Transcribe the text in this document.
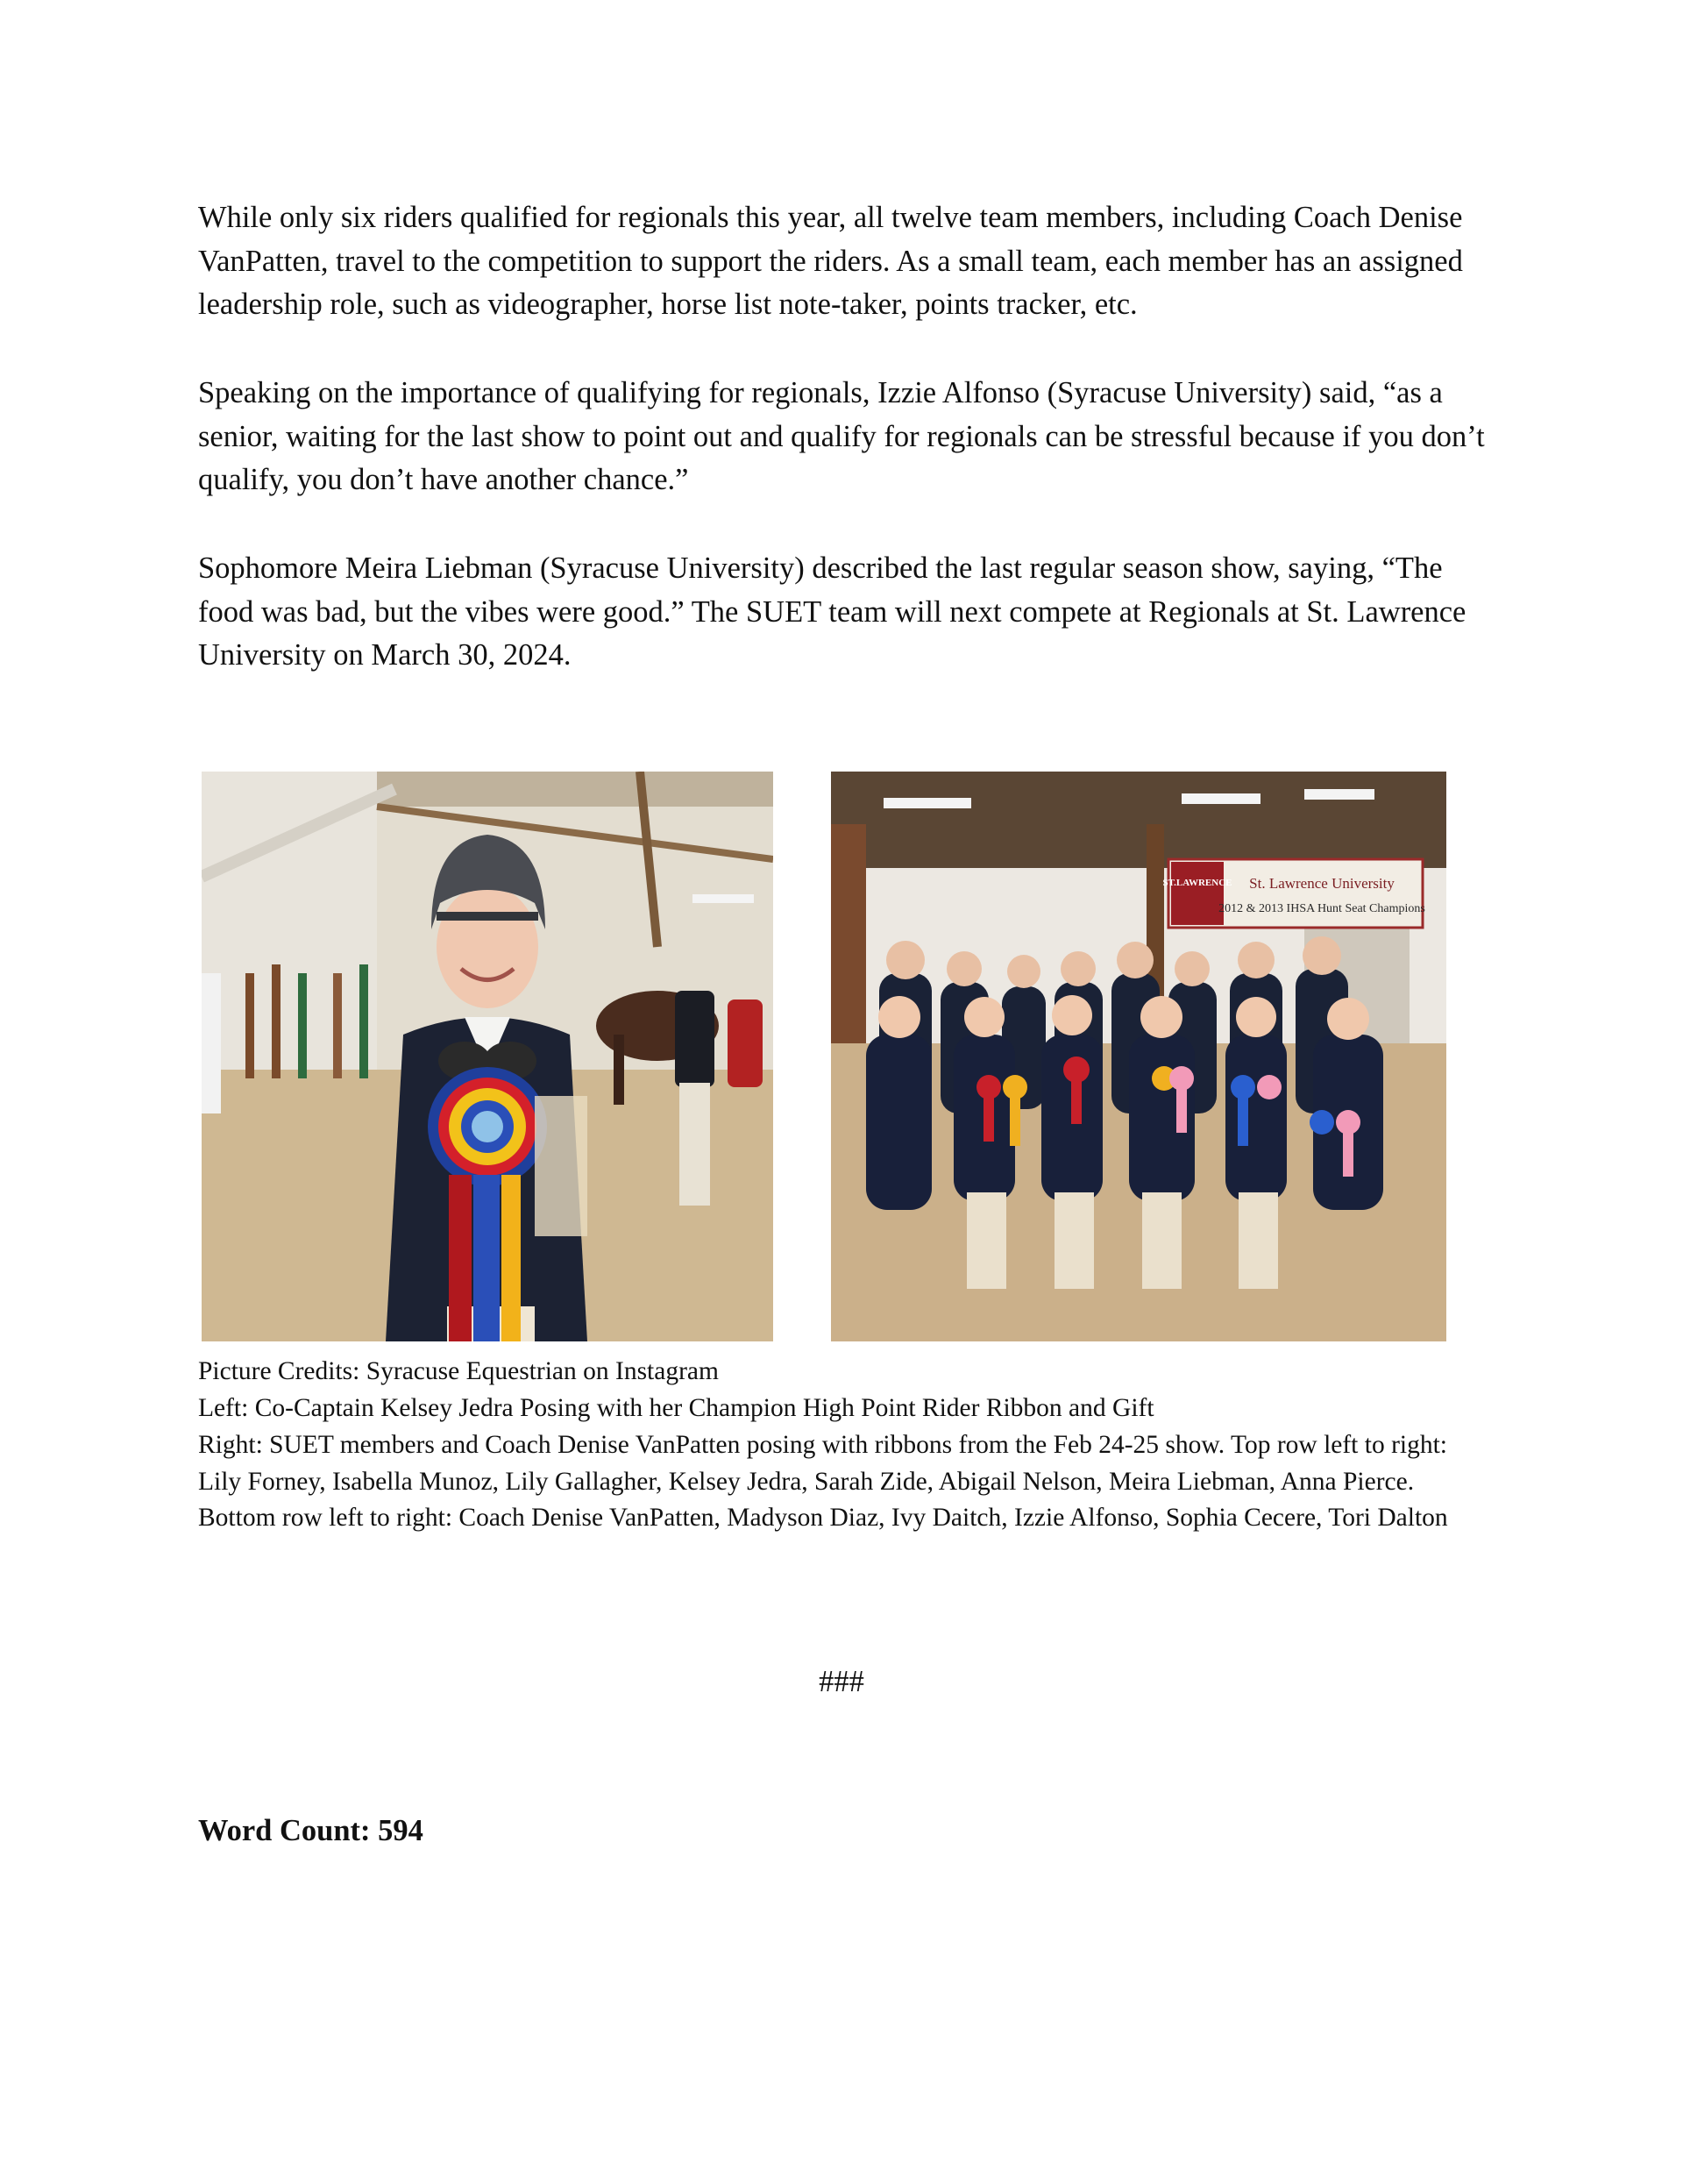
While only six riders qualified for regionals this year, all twelve team members, including Coach Denise VanPatten, travel to the competition to support the riders. As a small team, each member has an assigned leadership role, such as videographer, horse list note-taker, points tracker, etc.

Speaking on the importance of qualifying for regionals, Izzie Alfonso (Syracuse University) said, “as a senior, waiting for the last show to point out and qualify for regionals can be stressful because if you don’t qualify, you don’t have another chance.”

Sophomore Meira Liebman (Syracuse University) described the last regular season show, saying, “The food was bad, but the vibes were good.” The SUET team will next compete at Regionals at St. Lawrence University on March 30, 2024.

ST.LAWRENCE St. Lawrence University
2012 & 2013 IHSA Hunt Seat Champions

Picture Credits: Syracuse Equestrian on Instagram

Left: Co-Captain Kelsey Jedra Posing with her Champion High Point Rider Ribbon and Gift

Right: SUET members and Coach Denise VanPatten posing with ribbons from the Feb 24-25 show. Top row left to right: Lily Forney, Isabella Munoz, Lily Gallagher, Kelsey Jedra, Sarah Zide, Abigail Nelson, Meira Liebman, Anna Pierce. Bottom row left to right: Coach Denise VanPatten, Madyson Diaz, Ivy Daitch, Izzie Alfonso, Sophia Cecere, Tori Dalton

###
Word Count: 594
